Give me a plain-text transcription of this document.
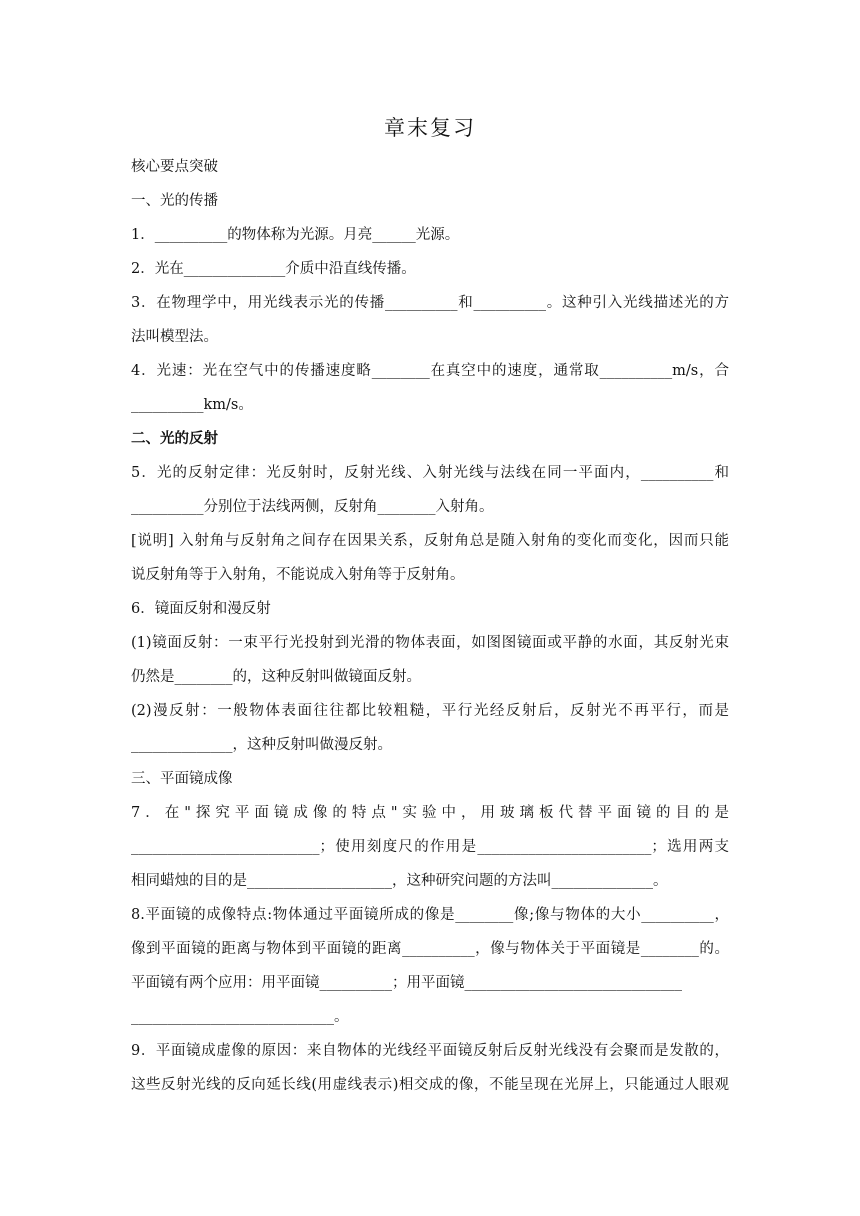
章末复习
核心要点突破
一、光的传播
1．__________的物体称为光源。月亮______光源。
2．光在______________介质中沿直线传播。
3．在物理学中，用光线表示光的传播__________和__________。这种引入光线描述光的方
法叫模型法。
4．光速：光在空气中的传播速度略________在真空中的速度，通常取__________m/s，合
__________km/s。
二、光的反射
5．光的反射定律：光反射时，反射光线、入射光线与法线在同一平面内，__________和
__________分别位于法线两侧，反射角________入射角。
[说明] 入射角与反射角之间存在因果关系，反射角总是随入射角的变化而变化，因而只能
说反射角等于入射角，不能说成入射角等于反射角。
6．镜面反射和漫反射
(1)镜面反射：一束平行光投射到光滑的物体表面，如图图镜面或平静的水面，其反射光束
仍然是________的，这种反射叫做镜面反射。
(2)漫反射：一般物体表面往往都比较粗糙，平行光经反射后，反射光不再平行，而是
______________，这种反射叫做漫反射。
三、平面镜成像
7．在"探究平面镜成像的特点"实验中，用玻璃板代替平面镜的目的是
__________________________；使用刻度尺的作用是________________________；选用两支
相同蜡烛的目的是____________________，这种研究问题的方法叫______________。
8.平面镜的成像特点:物体通过平面镜所成的像是________像;像与物体的大小__________，
像到平面镜的距离与物体到平面镜的距离__________，像与物体关于平面镜是________的。
平面镜有两个应用：用平面镜__________；用平面镜______________________________
____________________________。
9．平面镜成虚像的原因：来自物体的光线经平面镜反射后反射光线没有会聚而是发散的，
这些反射光线的反向延长线(用虚线表示)相交成的像，不能呈现在光屏上，只能通过人眼观
